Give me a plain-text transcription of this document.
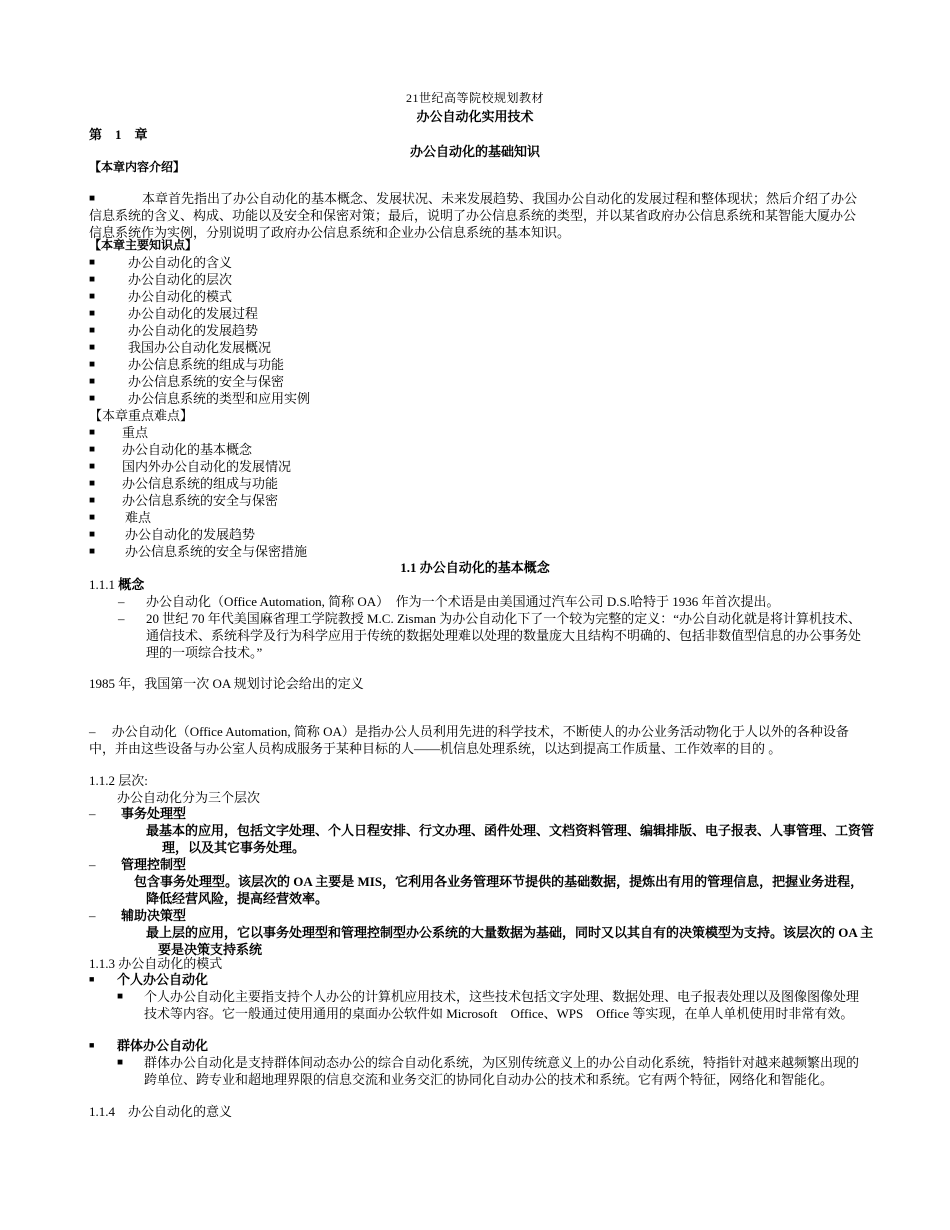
21世纪高等院校规划教材
办公自动化实用技术
第　1　章
办公自动化的基础知识
【本章内容介绍】
■	本章首先指出了办公自动化的基本概念、发展状况、未来发展趋势、我国办公自动化的发展过程和整体现状；然后介绍了办公信息系统的含义、构成、功能以及安全和保密对策；最后，说明了办公信息系统的类型，并以某省政府办公信息系统和某智能大厦办公信息系统作为实例，分别说明了政府办公信息系统和企业办公信息系统的基本知识。
【本章主要知识点】
■	办公自动化的含义
■	办公自动化的层次
■	办公自动化的模式
■	办公自动化的发展过程
■	办公自动化的发展趋势
■	我国办公自动化发展概况
■	办公信息系统的组成与功能
■	办公信息系统的安全与保密
■	办公信息系统的类型和应用实例
【本章重点难点】
■ 重点
■ 办公自动化的基本概念
■ 国内外办公自动化的发展情况
■ 办公信息系统的组成与功能
■ 办公信息系统的安全与保密
■ 难点
■ 办公自动化的发展趋势
■ 办公信息系统的安全与保密措施
1.1 办公自动化的基本概念
1.1.1 概念
– 办公自动化（Office Automation, 简称 OA）　作为一个术语是由美国通过汽车公司 D.S.哈特于 1936 年首次提出。
– 20 世纪 70 年代美国麻省理工学院教授 M.C. Zisman 为办公自动化下了一个较为完整的定义：“办公自动化就是将计算机技术、通信技术、系统科学及行为科学应用于传统的数据处理难以处理的数量庞大且结构不明确的、包括非数值型信息的办公事务处理的一项综合技术。”
1985 年，我国第一次 OA 规划讨论会给出的定义
–　 办公自动化（Office Automation, 简称 OA）是指办公人员利用先进的科学技术，不断使人的办公业务活动物化于人以外的各种设备中，并由这些设备与办公室人员构成服务于某种目标的人——机信息处理系统，以达到提高工作质量、工作效率的目的 。
1.1.2 层次:
办公自动化分为三个层次
– 事务处理型
最基本的应用，包括文字处理、个人日程安排、行文办理、函件处理、文档资料管理、编辑排版、电子报表、人事管理、工资管理，以及其它事务处理。
– 管理控制型
包含事务处理型。该层次的 OA 主要是 MIS，它利用各业务管理环节提供的基础数据，提炼出有用的管理信息，把握业务进程，降低经营风险，提高经营效率。
– 辅助决策型
最上层的应用，它以事务处理型和管理控制型办公系统的大量数据为基础，同时又以其自有的决策模型为支持。该层次的 OA 主要是决策支持系统
1.1.3 办公自动化的模式
■ 个人办公自动化
■ 个人办公自动化主要指支持个人办公的计算机应用技术，这些技术包括文字处理、数据处理、电子报表处理以及图像图像处理技术等内容。它一般通过使用通用的桌面办公软件如 Microsoft　Office、WPS　Office 等实现，在单人单机使用时非常有效。
■ 群体办公自动化
■ 群体办公自动化是支持群体间动态办公的综合自动化系统，为区别传统意义上的办公自动化系统，特指针对越来越频繁出现的跨单位、跨专业和超地理界限的信息交流和业务交汇的协同化自动办公的技术和系统。它有两个特征，网络化和智能化。
1.1.4　办公自动化的意义
